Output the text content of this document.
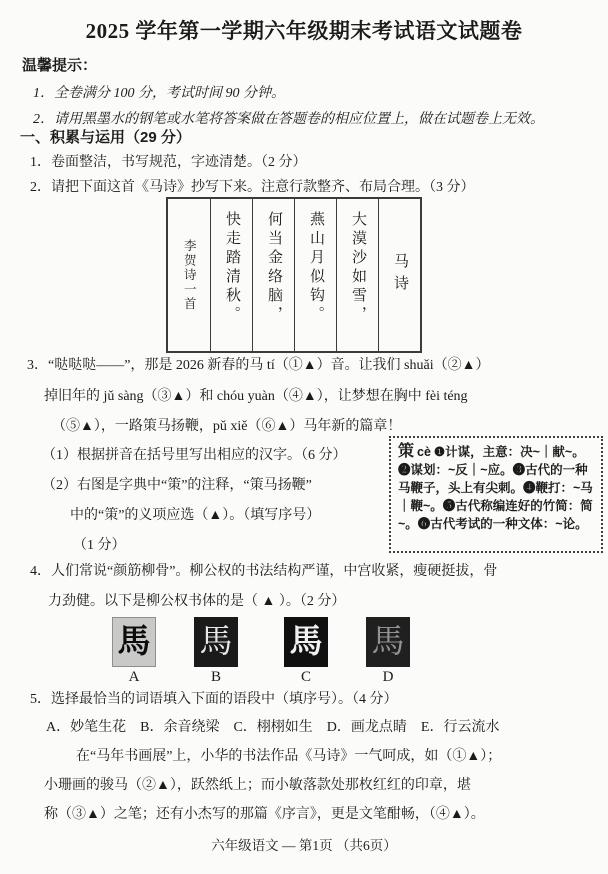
2025 学年第一学期六年级期末考试语文试题卷
温馨提示：
1．全卷满分 100 分，考试时间 90 分钟。
2．请用黑墨水的钢笔或水笔将答案做在答题卷的相应位置上，做在试题卷上无效。
一、积累与运用（29 分）
1．卷面整洁，书写规范，字迹清楚。（2 分）
2．请把下面这首《马诗》抄写下来。注意行款整齐、布局合理。（3 分）
李贺诗一首 快走踏清秋。 何当金络脑， 燕山月似钩。 大漠沙如雪， 马诗
3．“哒哒哒——”，那是 2026 新春的马 tí（①▲）音。让我们 shuǎi（②▲）
掉旧年的 jǔ sàng（③▲）和 chóu yuàn（④▲），让梦想在胸中 fèi téng
（⑤▲），一路策马扬鞭，pǔ xiě（⑥▲）马年新的篇章！
（1）根据拼音在括号里写出相应的汉字。（6 分）
（2）右图是字典中“策”的注释，“策马扬鞭”
中的“策”的义项应选（▲）。（填写序号）
（1 分）
策 cè ❶计谋，主意：决~｜献~。❷谋划：~反｜~应。❸古代的一种马鞭子，头上有尖刺。❹鞭打：~马｜鞭~。❺古代称编连好的竹简：简~。❻古代考试的一种文体：~论。
4．人们常说“颜筋柳骨”。柳公权的书法结构严谨，中宫收紧，瘦硬挺拔，骨
力劲健。以下是柳公权书体的是（ ▲ ）。（2 分）
馬
A
馬
B
馬
C
馬
D
5．选择最恰当的词语填入下面的语段中（填序号）。（4 分）
A．妙笔生花　B．余音绕梁　C．栩栩如生　D．画龙点睛　E．行云流水
在“马年书画展”上，小华的书法作品《马诗》一气呵成，如（①▲）；
小珊画的骏马（②▲），跃然纸上；而小敏落款处那枚红红的印章，堪
称（③▲）之笔；还有小杰写的那篇《序言》，更是文笔酣畅，（④▲）。
六年级语文 — 第1页 （共6页）
